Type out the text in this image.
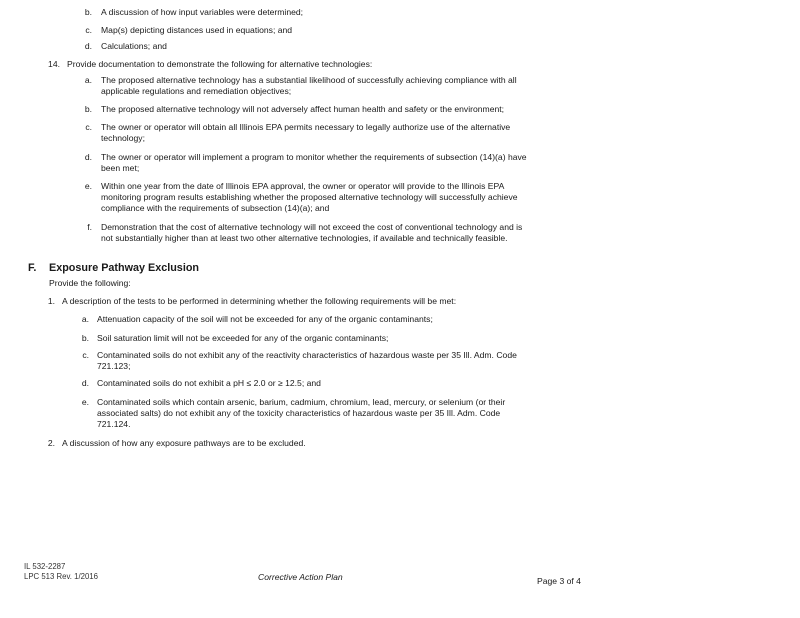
b. A discussion of how input variables were determined;
c. Map(s) depicting distances used in equations; and
d. Calculations; and
14. Provide documentation to demonstrate the following for alternative technologies:
a. The proposed alternative technology has a substantial likelihood of successfully achieving compliance with all
applicable regulations and remediation objectives;
b. The proposed alternative technology will not adversely affect human health and safety or the environment;
c. The owner or operator will obtain all Illinois EPA permits necessary to legally authorize use of the alternative
technology;
d. The owner or operator will implement a program to monitor whether the requirements of subsection (14)(a) have
been met;
e. Within one year from the date of Illinois EPA approval, the owner or operator will provide to the Illinois EPA
monitoring program results establishing whether the proposed alternative technology will successfully achieve
compliance with the requirements of subsection (14)(a); and
f. Demonstration that the cost of alternative technology will not exceed the cost of conventional technology and is
not substantially higher than at least two other alternative technologies, if available and technically feasible.
F. Exposure Pathway Exclusion
Provide the following:
1. A description of the tests to be performed in determining whether the following requirements will be met:
a. Attenuation capacity of the soil will not be exceeded for any of the organic contaminants;
b. Soil saturation limit will not be exceeded for any of the organic contaminants;
c. Contaminated soils do not exhibit any of the reactivity characteristics of hazardous waste per 35 Ill. Adm. Code
721.123;
d. Contaminated soils do not exhibit a pH ≤ 2.0 or ≥ 12.5; and
e. Contaminated soils which contain arsenic, barium, cadmium, chromium, lead, mercury, or selenium (or their
associated salts) do not exhibit any of the toxicity characteristics of hazardous waste per 35 Ill. Adm. Code
721.124.
2. A discussion of how any exposure pathways are to be excluded.
IL 532-2287
LPC 513 Rev. 1/2016	Corrective Action Plan	Page 3 of 4
